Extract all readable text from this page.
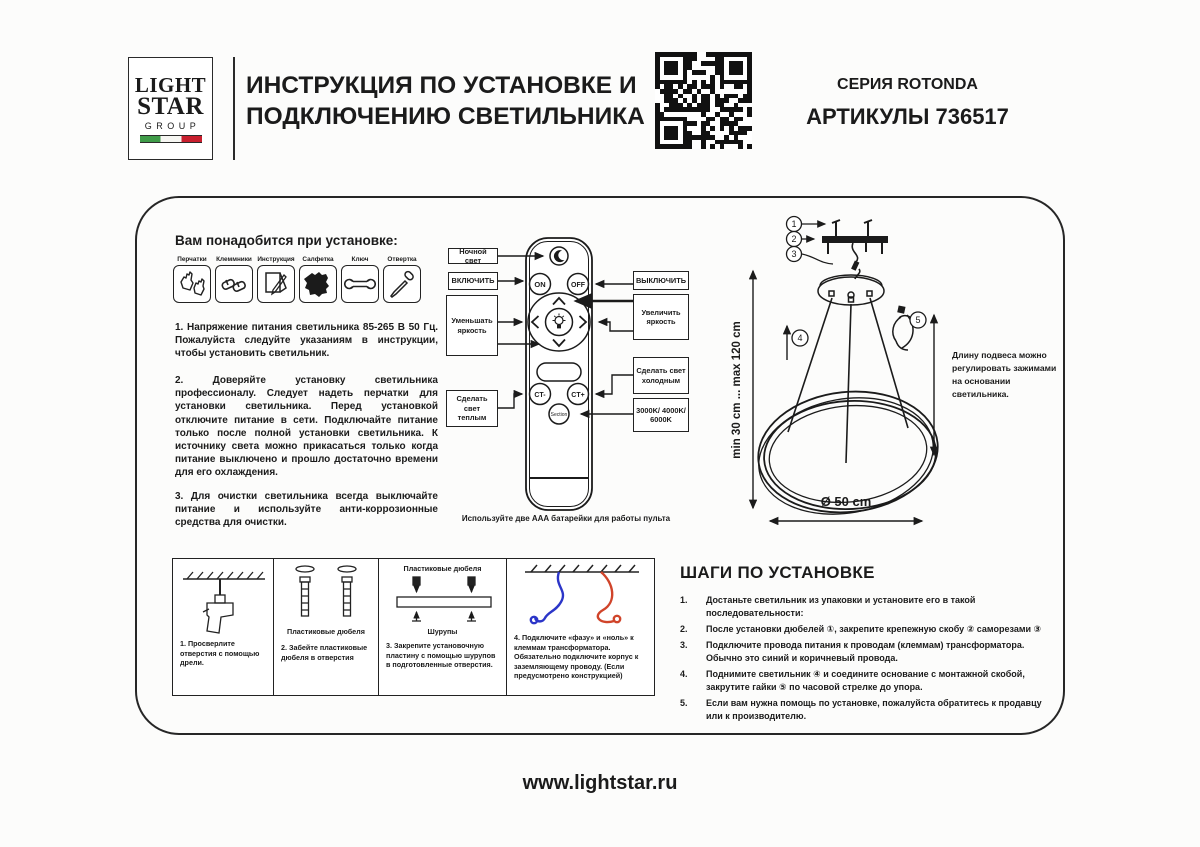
LIGHT
STAR
GROUP
ИНСТРУКЦИЯ ПО УСТАНОВКЕ И
ПОДКЛЮЧЕНИЮ СВЕТИЛЬНИКА
СЕРИЯ ROTONDA
АРТИКУЛЫ 736517
Вам понадобится при установке:
Перчатки Клеммники Инструкция Салфетка	Ключ	Отвертка
1. Напряжение питания светильника 85-265 В 50 Гц. Пожалуйста следуйте указаниям в инструкции, чтобы установить светильник.
2. Доверяйте установку светильника профессионалу. Следует надеть перчатки для установки светильника. Перед установкой отключите питание в сети. Подключайте питание только после полной установки светильника. К источнику света можно прикасаться только когда питание выключено и прошло достаточно времени для его охлаждения.
3. Для очистки светильника всегда выключайте питание и используйте анти-коррозионные средства для очистки.
ON	OFF
CT-	CT+
Section
Ночной свет
ВКЛЮЧИТЬ
Уменьшать яркость
Сделать свет теплым
ВЫКЛЮЧИТЬ
Увеличить яркость
Сделать свет холодным
3000K/ 4000K/ 6000K
Используйте две AAA батарейки для работы пульта
1
2
3
min 30 cm ... max 120 cm	4
5
Ø 50 cm
Длину подвеса можно регулировать зажимами на основании светильника.
1. Просверлите отверстия с помощью дрели.
Пластиковые дюбеля
2. Забейте пластиковые дюбеля в отверстия
Пластиковые дюбеля
Шурупы
3. Закрепите установочную пластину с помощью шурупов в подготовленные отверстия.
4. Подключите «фазу» и «ноль» к клеммам трансформатора. Обязательно подключите корпус к заземляющему проводу. (Если предусмотрено конструкцией)
ШАГИ ПО УСТАНОВКЕ
1.	Достаньте светильник из упаковки и установите его в такой последовательности:
2.	После установки дюбелей ①, закрепите крепежную скобу ② саморезами ③
3.	Подключите провода питания к проводам (клеммам) трансформатора. Обычно это синий и коричневый провода.
4.	Поднимите светильник ④ и соедините основание с монтажной скобой, закрутите гайки ⑤ по часовой стрелке до упора.
5.	Если вам нужна помощь по установке, пожалуйста обратитесь к продавцу или к производителю.
www.lightstar.ru
